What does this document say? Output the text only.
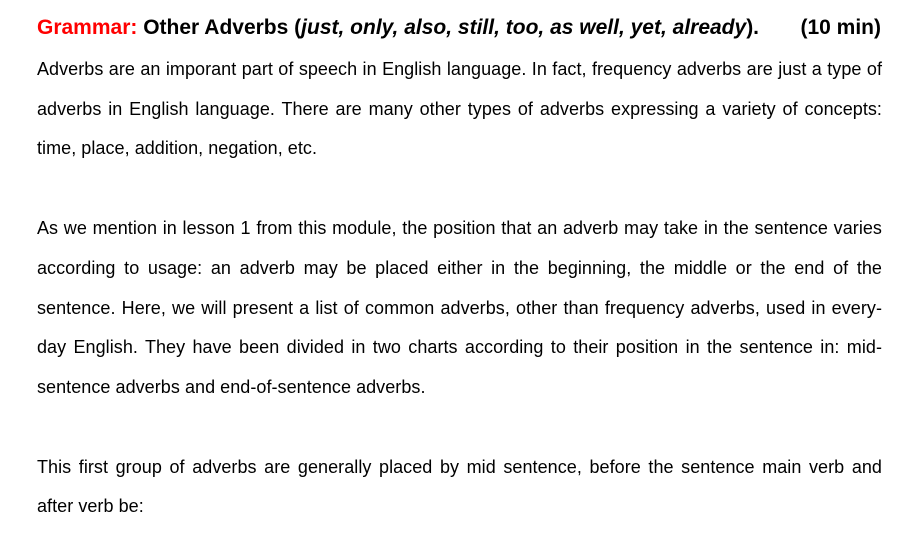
Grammar: Other Adverbs (just, only, also, still, too, as well, yet, already). (10 min)

Adverbs are an imporant part of speech in English language. In fact, frequency adverbs are just a type of adverbs in English language. There are many other types of adverbs expressing a variety of concepts: time, place, addition, negation, etc.

As we mention in lesson 1 from this module, the position that an adverb may take in the sentence varies according to usage: an adverb may be placed either in the beginning, the middle or the end of the sentence. Here, we will present a list of common adverbs, other than frequency adverbs, used in every-day English. They have been divided in two charts according to their position in the sentence in: mid-sentence adverbs and end-of-sentence adverbs.

This first group of adverbs are generally placed by mid sentence, before the sentence main verb and after verb be:
